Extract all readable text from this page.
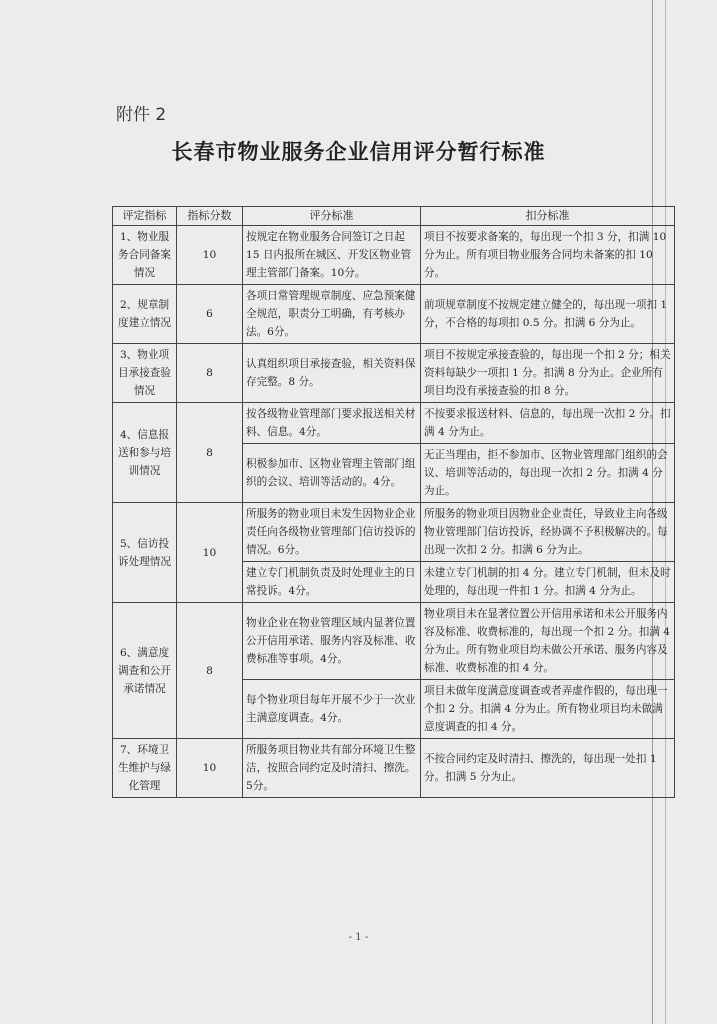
附件 2
长春市物业服务企业信用评分暂行标准
评定指标	指标分数	评分标准	扣分标准
1、物业服务合同备案情况	10	按规定在物业服务合同签订之日起 15 日内报所在城区、开发区物业管理主管部门备案。10分。	项目不按要求备案的，每出现一个扣 3 分，扣满 10 分为止。所有项目物业服务合同均未备案的扣 10 分。
2、规章制度建立情况	6	各项日常管理规章制度、应急预案健全规范，职责分工明确，有考核办法。6分。	前项规章制度不按规定建立健全的，每出现一项扣 1 分，不合格的每项扣 0.5 分。扣满 6 分为止。
3、物业项目承接查验情况	8	认真组织项目承接查验，相关资料保存完整。8 分。	项目不按规定承接查验的，每出现一个扣 2 分；相关资料每缺少一项扣 1 分。扣满 8 分为止。企业所有项目均没有承接查验的扣 8 分。
4、信息报送和参与培训情况	8	按各级物业管理部门要求报送相关材料、信息。4分。	不按要求报送材料、信息的，每出现一次扣 2 分。扣满 4 分为止。
		积极参加市、区物业管理主管部门组织的会议、培训等活动的。4分。	无正当理由，拒不参加市、区物业管理部门组织的会议、培训等活动的，每出现一次扣 2 分。扣满 4 分为止。
5、信访投诉处理情况	10	所服务的物业项目未发生因物业企业责任向各级物业管理部门信访投诉的情况。6分。	所服务的物业项目因物业企业责任，导致业主向各级物业管理部门信访投诉，经协调不予积极解决的。每出现一次扣 2 分。扣满 6 分为止。
		建立专门机制负责及时处理业主的日常投诉。4分。	未建立专门机制的扣 4 分。建立专门机制，但未及时处理的，每出现一件扣 1 分。扣满 4 分为止。
6、满意度调查和公开承诺情况	8	物业企业在物业管理区域内显著位置公开信用承诺、服务内容及标准、收费标准等事项。4分。	物业项目未在显著位置公开信用承诺和未公开服务内容及标准、收费标准的，每出现一个扣 2 分。扣满 4 分为止。所有物业项目均未做公开承诺、服务内容及标准、收费标准的扣 4 分。
		每个物业项目每年开展不少于一次业主满意度调查。4分。	项目未做年度满意度调查或者弄虚作假的，每出现一个扣 2 分。扣满 4 分为止。所有物业项目均未做满意度调查的扣 4 分。
7、环境卫生维护与绿化管理	10	所服务项目物业共有部分环境卫生整洁，按照合同约定及时清扫、擦洗。5分。	不按合同约定及时清扫、擦洗的，每出现一处扣 1 分。扣满 5 分为止。
- 1 -
